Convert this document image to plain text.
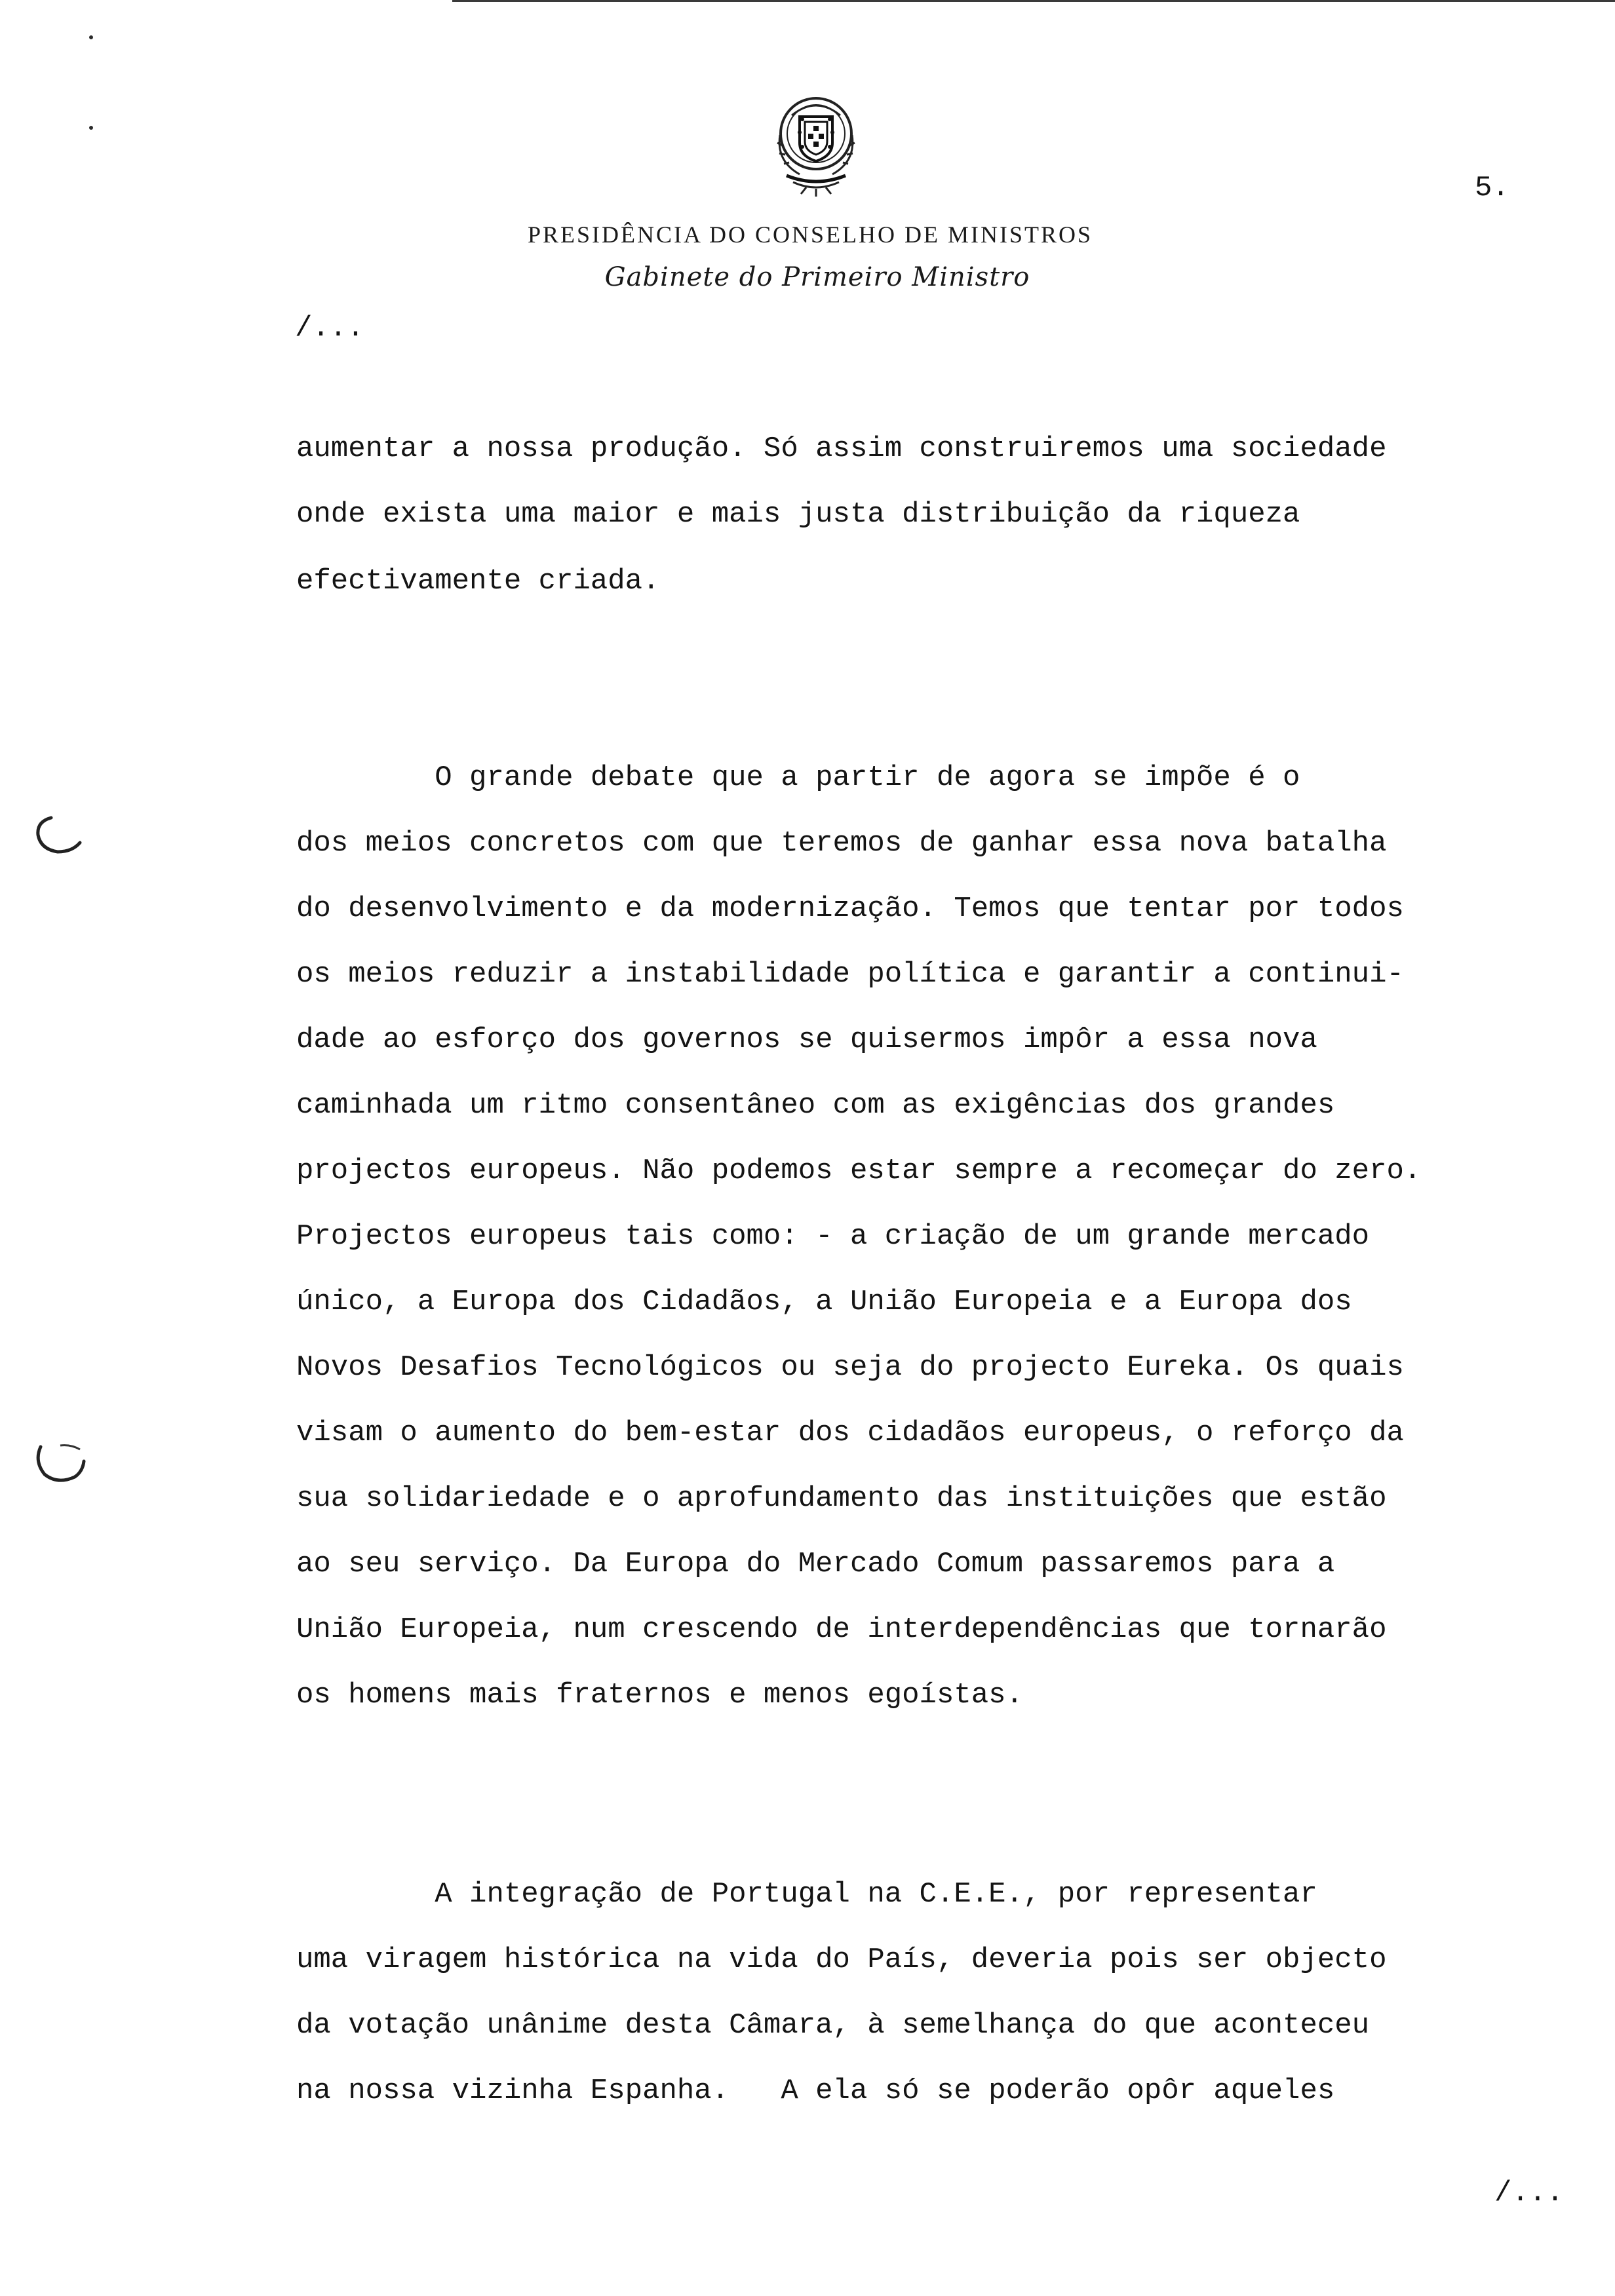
PRESIDÊNCIA DO CONSELHO DE MINISTROS
Gabinete do Primeiro Ministro
5.
/...
aumentar a nossa produção. Só assim construiremos uma sociedade
onde exista uma maior e mais justa distribuição da riqueza
efectivamente criada.
O grande debate que a partir de agora se impõe é o
dos meios concretos com que teremos de ganhar essa nova batalha
do desenvolvimento e da modernização. Temos que tentar por todos
os meios reduzir a instabilidade política e garantir a continui-
dade ao esforço dos governos se quisermos impôr a essa nova
caminhada um ritmo consentâneo com as exigências dos grandes
projectos europeus. Não podemos estar sempre a recomeçar do zero.
Projectos europeus tais como: - a criação de um grande mercado
único, a Europa dos Cidadãos, a União Europeia e a Europa dos
Novos Desafios Tecnológicos ou seja do projecto Eureka. Os quais
visam o aumento do bem-estar dos cidadãos europeus, o reforço da
sua solidariedade e o aprofundamento das instituições que estão
ao seu serviço. Da Europa do Mercado Comum passaremos para a
União Europeia, num crescendo de interdependências que tornarão
os homens mais fraternos e menos egoístas.
A integração de Portugal na C.E.E., por representar
uma viragem histórica na vida do País, deveria pois ser objecto
da votação unânime desta Câmara, à semelhança do que aconteceu
na nossa vizinha Espanha.   A ela só se poderão opôr aqueles
/...
